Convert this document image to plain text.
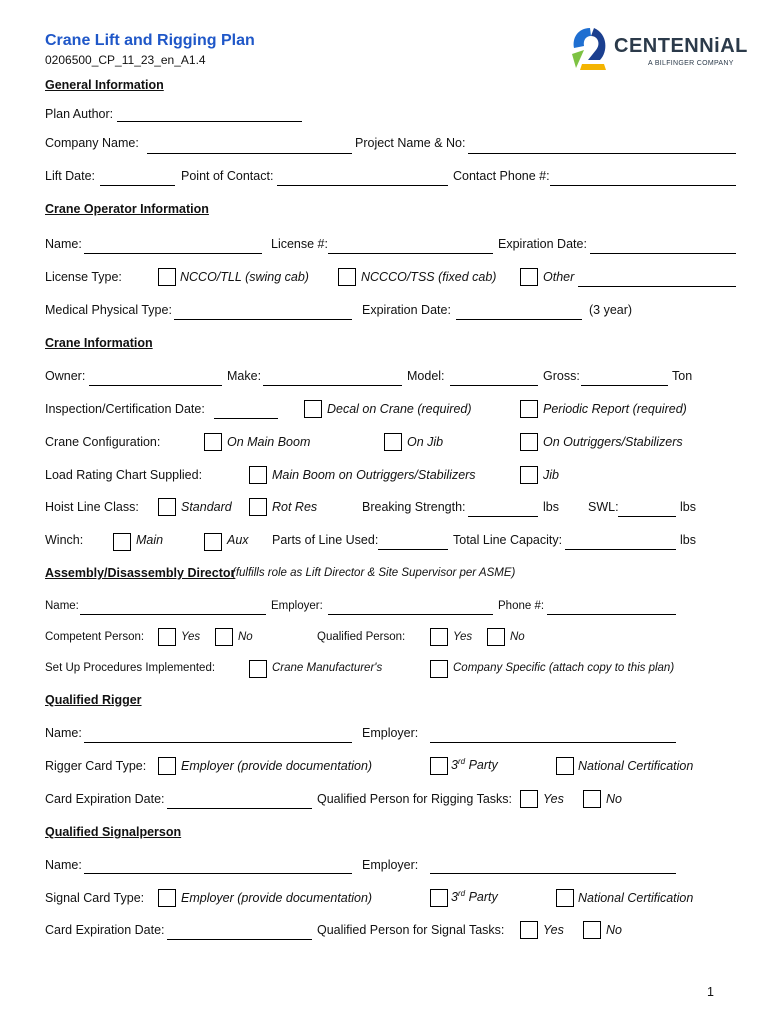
Crane Lift and Rigging Plan
0206500_CP_11_23_en_A1.4
CENTENNiAL
A BILFINGER COMPANY
General Information
Plan Author:
Company Name:	Project Name & No:
Lift Date:	Point of Contact:	Contact Phone #:
Crane Operator Information
Name:	License #:	Expiration Date:
License Type:	NCCO/TLL (swing cab)	NCCCO/TSS (fixed cab)	Other
Medical Physical Type:	Expiration Date:	(3 year)
Crane Information
Owner:	Make:	Model:	Gross:	Ton
Inspection/Certification Date:	Decal on Crane (required)	Periodic Report (required)
Crane Configuration:	On Main Boom	On Jib	On Outriggers/Stabilizers
Load Rating Chart Supplied:	Main Boom on Outriggers/Stabilizers	Jib
Hoist Line Class:	Standard	Rot Res	Breaking Strength:	lbs SWL:	lbs
Winch:	Main	Aux Parts of Line Used:	Total Line Capacity:	lbs
Assembly/Disassembly Director
(fulfills role as Lift Director & Site Supervisor per ASME)
Name:	Employer:	Phone #:
Competent Person:	Yes	No	Qualified Person:	Yes	No
Set Up Procedures Implemented:	Crane Manufacturer's	Company Specific (attach copy to this plan)
Qualified Rigger
Name:	Employer:
Rigger Card Type:	Employer (provide documentation)	3rd Party	National Certification
Card Expiration Date:	Qualified Person for Rigging Tasks: Yes	No
Qualified Signalperson
Name:	Employer:
Signal Card Type:	Employer (provide documentation)	3rd Party	National Certification
Card Expiration Date:	Qualified Person for Signal Tasks:	Yes	No
1
